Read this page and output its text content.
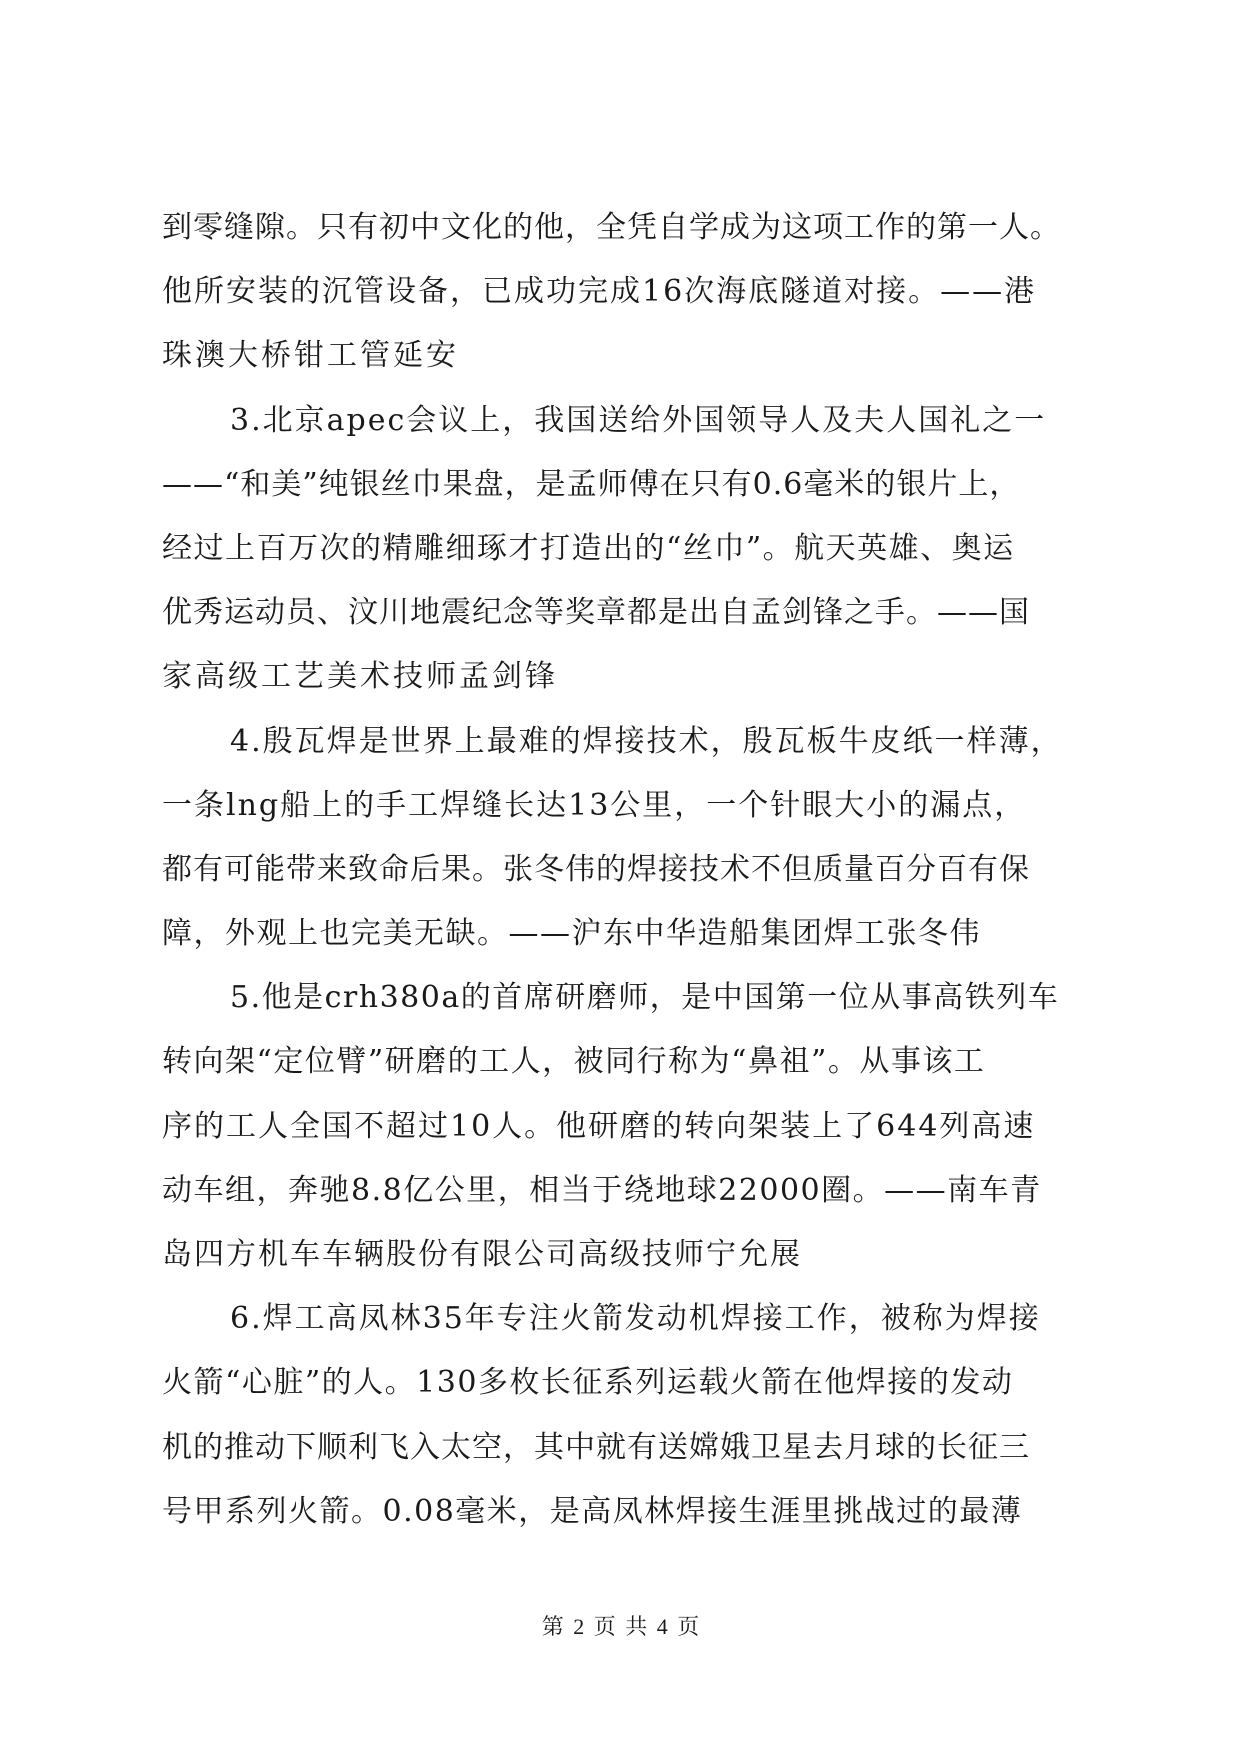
到零缝隙。只有初中文化的他，全凭自学成为这项工作的第一人。
他所安装的沉管设备，已成功完成16次海底隧道对接。——港
珠澳大桥钳工管延安
3.北京apec会议上，我国送给外国领导人及夫人国礼之一
——“和美”纯银丝巾果盘，是孟师傅在只有0.6毫米的银片上，
经过上百万次的精雕细琢才打造出的“丝巾”。航天英雄、奥运
优秀运动员、汶川地震纪念等奖章都是出自孟剑锋之手。——国
家高级工艺美术技师孟剑锋
4.殷瓦焊是世界上最难的焊接技术，殷瓦板牛皮纸一样薄，
一条lng船上的手工焊缝长达13公里，一个针眼大小的漏点，
都有可能带来致命后果。张冬伟的焊接技术不但质量百分百有保
障，外观上也完美无缺。——沪东中华造船集团焊工张冬伟
5.他是crh380a的首席研磨师，是中国第一位从事高铁列车
转向架“定位臂”研磨的工人，被同行称为“鼻祖”。从事该工
序的工人全国不超过10人。他研磨的转向架装上了644列高速
动车组，奔驰8.8亿公里，相当于绕地球22000圈。——南车青
岛四方机车车辆股份有限公司高级技师宁允展
6.焊工高凤林35年专注火箭发动机焊接工作，被称为焊接
火箭“心脏”的人。130多枚长征系列运载火箭在他焊接的发动
机的推动下顺利飞入太空，其中就有送嫦娥卫星去月球的长征三
号甲系列火箭。0.08毫米，是高凤林焊接生涯里挑战过的最薄
第 2 页 共 4 页
